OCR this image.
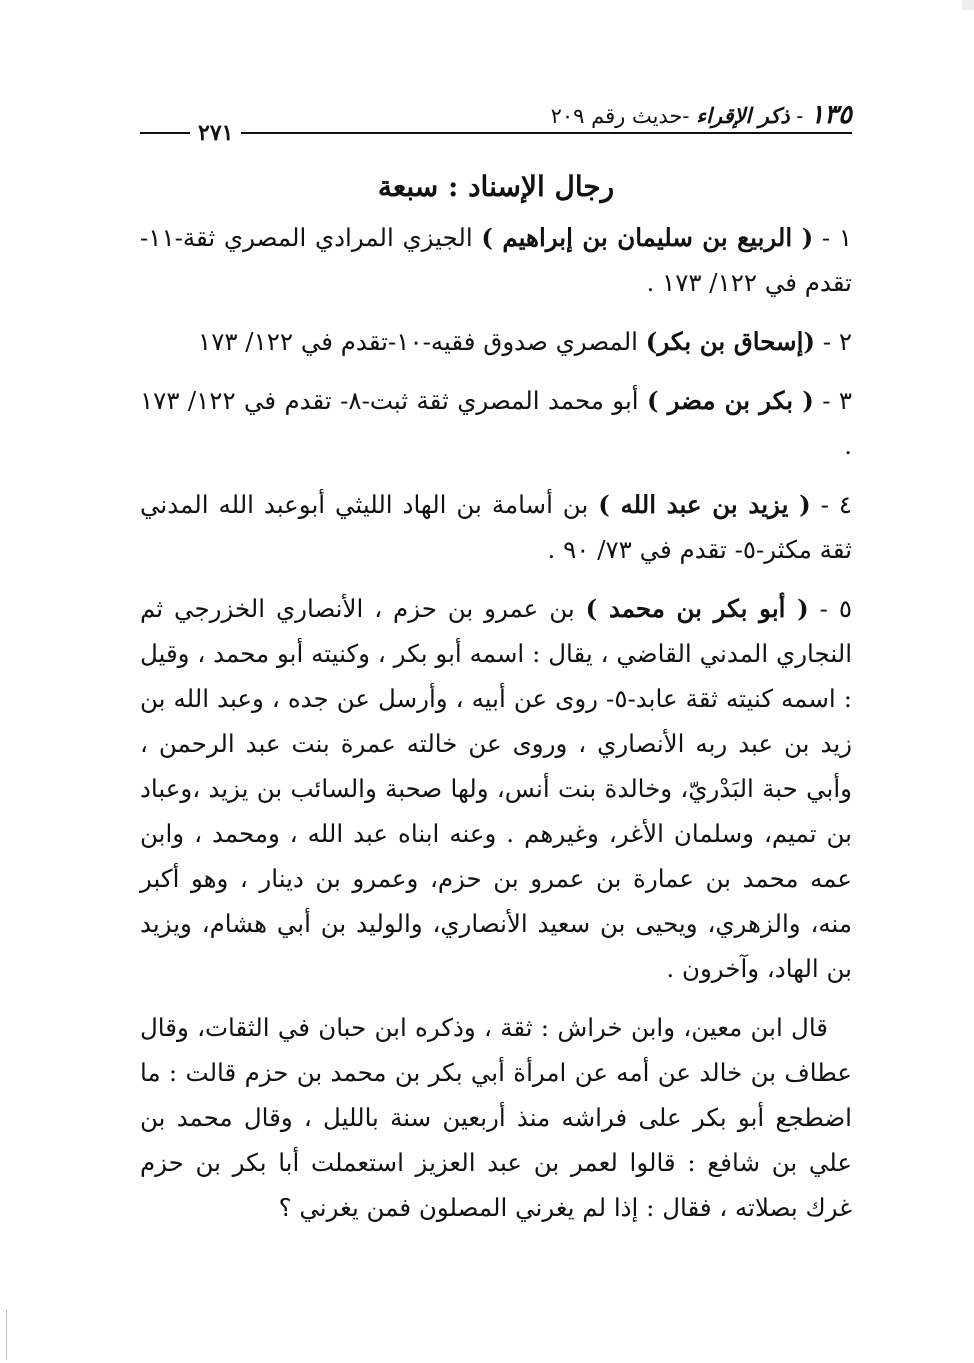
١٣٥ - ذكر الإقراء -حديث رقم ٢٠٩
٢٧١
رجال الإسناد : سبعة

١ - ( الربيع بن سليمان بن إبراهيم ) الجيزي المرادي المصري ثقة-١١- تقدم في ١٢٢/ ١٧٣ .

٢ - (إسحاق بن بكر) المصري صدوق فقيه-١٠-تقدم في ١٢٢/ ١٧٣

٣ - ( بكر بن مضر ) أبو محمد المصري ثقة ثبت-٨- تقدم في ١٢٢/ ١٧٣ .

٤ - ( يزيد بن عبد الله ) بن أسامة بن الهاد الليثي أبوعبد الله المدني ثقة مكثر-٥- تقدم في ٧٣/ ٩٠ .

٥ - ( أبو بكر بن محمد ) بن عمرو بن حزم ، الأنصاري الخزرجي ثم النجاري المدني القاضي ، يقال : اسمه أبو بكر ، وكنيته أبو محمد ، وقيل : اسمه كنيته ثقة عابد-٥- روى عن أبيه ، وأرسل عن جده ، وعبد الله بن زيد بن عبد ربه الأنصاري ، وروى عن خالته عمرة بنت عبد الرحمن ، وأبي حبة البَدْريّ، وخالدة بنت أنس، ولها صحبة والسائب بن يزيد ،وعباد بن تميم، وسلمان الأغر، وغيرهم . وعنه ابناه عبد الله ، ومحمد ، وابن عمه محمد بن عمارة بن عمرو بن حزم، وعمرو بن دينار ، وهو أكبر منه، والزهري، ويحيى بن سعيد الأنصاري، والوليد بن أبي هشام، ويزيد بن الهاد، وآخرون .

قال ابن معين، وابن خراش : ثقة ، وذكره ابن حبان في الثقات، وقال عطاف بن خالد عن أمه عن امرأة أبي بكر بن محمد بن حزم قالت : ما اضطجع أبو بكر على فراشه منذ أربعين سنة بالليل ، وقال محمد بن علي بن شافع : قالوا لعمر بن عبد العزيز استعملت أبا بكر بن حزم غرك بصلاته ، فقال : إذا لم يغرني المصلون فمن يغرني ؟
